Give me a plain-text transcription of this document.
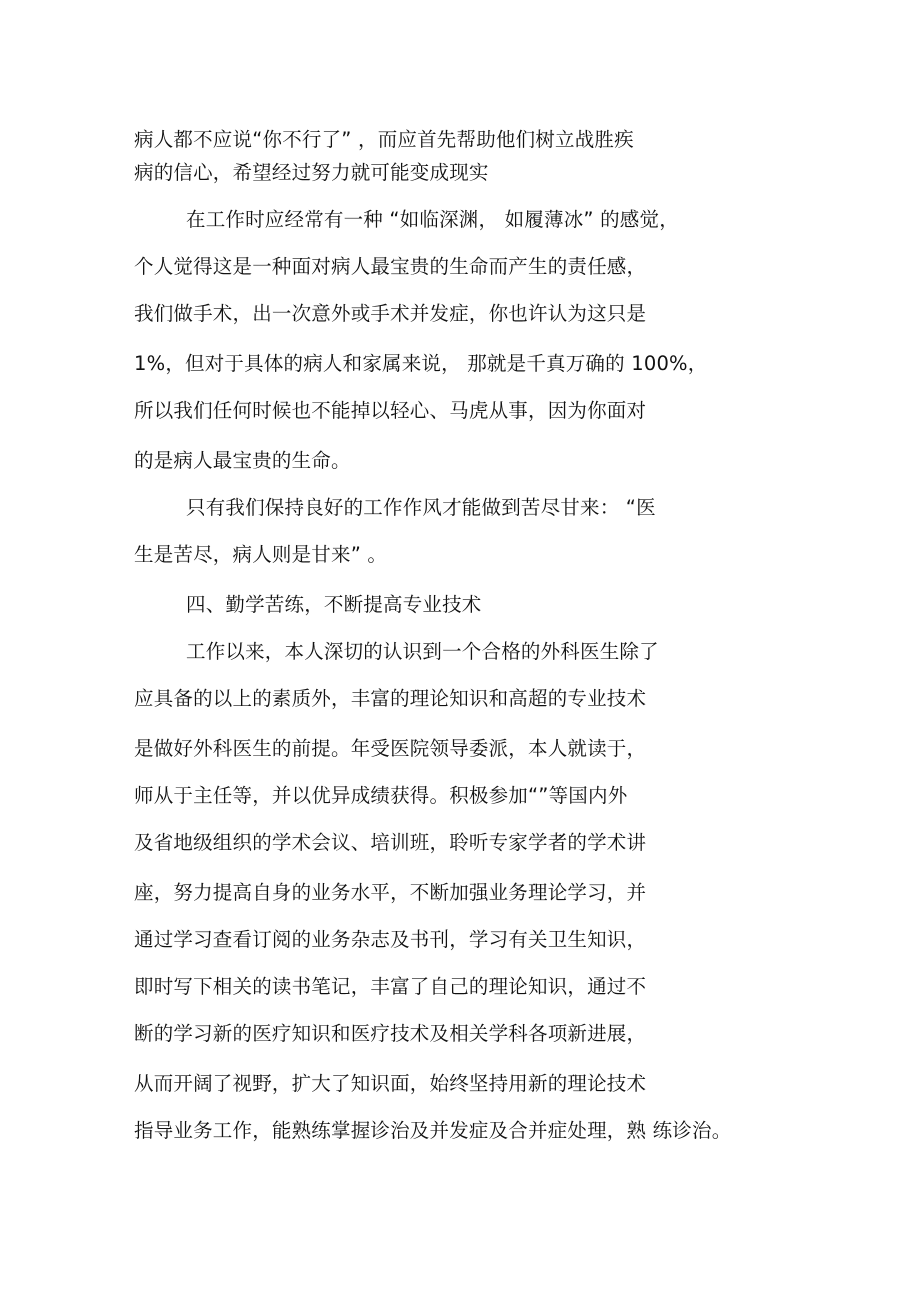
病人都不应说“你不行了” ，而应首先帮助他们树立战胜疾
病的信心，希望经过努力就可能变成现实
在工作时应经常有一种 “如临深渊， 如履薄冰” 的感觉，
个人觉得这是一种面对病人最宝贵的生命而产生的责任感，
我们做手术，出一次意外或手术并发症，你也许认为这只是
1%，但对于具体的病人和家属来说， 那就是千真万确的 100%，
所以我们任何时候也不能掉以轻心、马虎从事，因为你面对
的是病人最宝贵的生命。
只有我们保持良好的工作作风才能做到苦尽甘来： “医
生是苦尽，病人则是甘来” 。
四、勤学苦练，不断提高专业技术
工作以来，本人深切的认识到一个合格的外科医生除了
应具备的以上的素质外，丰富的理论知识和高超的专业技术
是做好外科医生的前提。年受医院领导委派，本人就读于，
师从于主任等，并以优异成绩获得。积极参加“”等国内外
及省地级组织的学术会议、培训班，聆听专家学者的学术讲
座，努力提高自身的业务水平，不断加强业务理论学习，并
通过学习查看订阅的业务杂志及书刊，学习有关卫生知识，
即时写下相关的读书笔记，丰富了自己的理论知识，通过不
断的学习新的医疗知识和医疗技术及相关学科各项新进展，
从而开阔了视野，扩大了知识面，始终坚持用新的理论技术
指导业务工作，能熟练掌握诊治及并发症及合并症处理，熟 练诊治。
